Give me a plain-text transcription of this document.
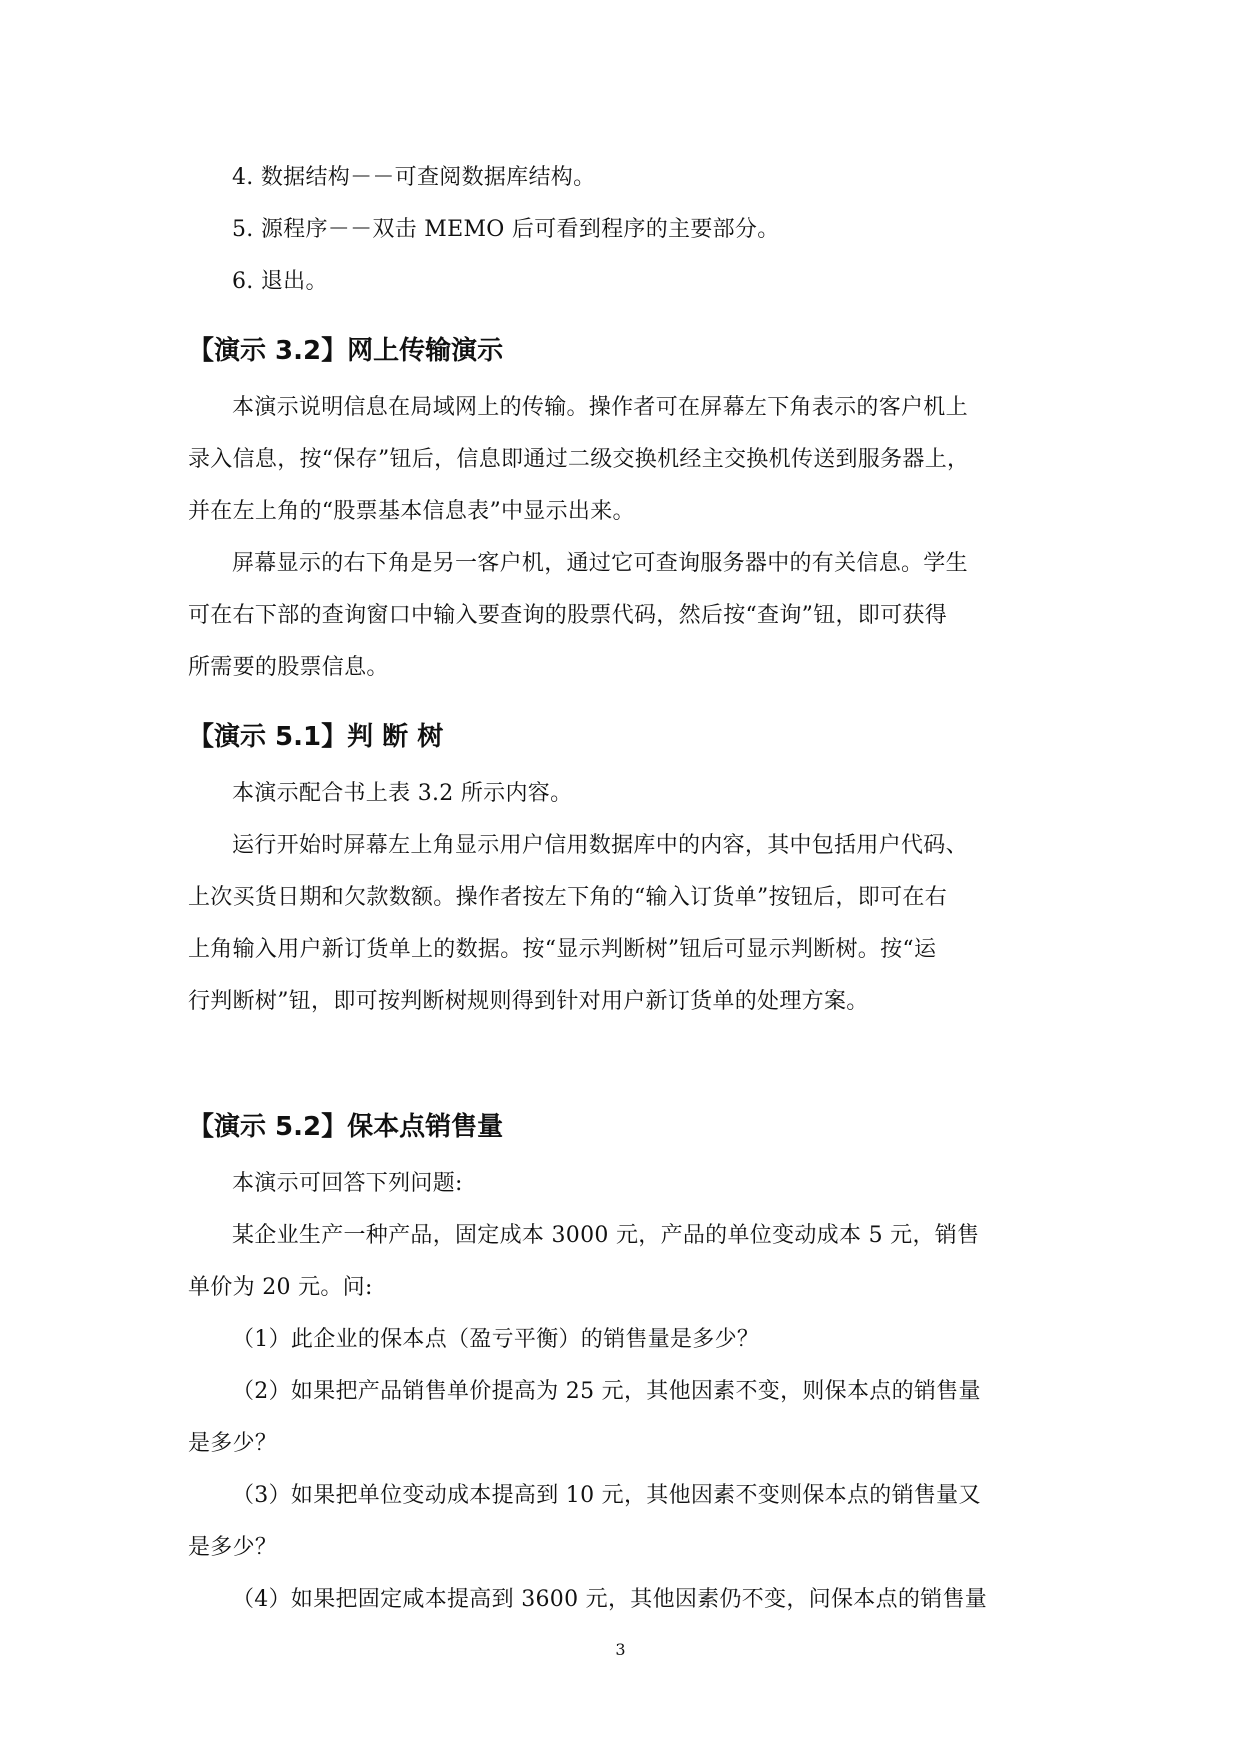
4. 数据结构－－可查阅数据库结构。
5. 源程序－－双击 MEMO 后可看到程序的主要部分。
6. 退出。
【演示 3.2】网上传输演示
本演示说明信息在局域网上的传输。操作者可在屏幕左下角表示的客户机上
录入信息，按“保存”钮后，信息即通过二级交换机经主交换机传送到服务器上，
并在左上角的“股票基本信息表”中显示出来。
屏幕显示的右下角是另一客户机，通过它可查询服务器中的有关信息。学生
可在右下部的查询窗口中输入要查询的股票代码，然后按“查询”钮，即可获得
所需要的股票信息。
【演示 5.1】判 断 树
本演示配合书上表 3.2 所示内容。
运行开始时屏幕左上角显示用户信用数据库中的内容，其中包括用户代码、
上次买货日期和欠款数额。操作者按左下角的“输入订货单”按钮后，即可在右
上角输入用户新订货单上的数据。按“显示判断树”钮后可显示判断树。按“运
行判断树”钮，即可按判断树规则得到针对用户新订货单的处理方案。
【演示 5.2】保本点销售量
本演示可回答下列问题:
某企业生产一种产品，固定成本 3000 元，产品的单位变动成本 5 元，销售
单价为 20 元。问:
（1）此企业的保本点（盈亏平衡）的销售量是多少？
（2）如果把产品销售单价提高为 25 元，其他因素不变，则保本点的销售量
是多少？
（3）如果把单位变动成本提高到 10 元，其他因素不变则保本点的销售量又
是多少？
（4）如果把固定咸本提高到 3600 元，其他因素仍不变，问保本点的销售量
3
